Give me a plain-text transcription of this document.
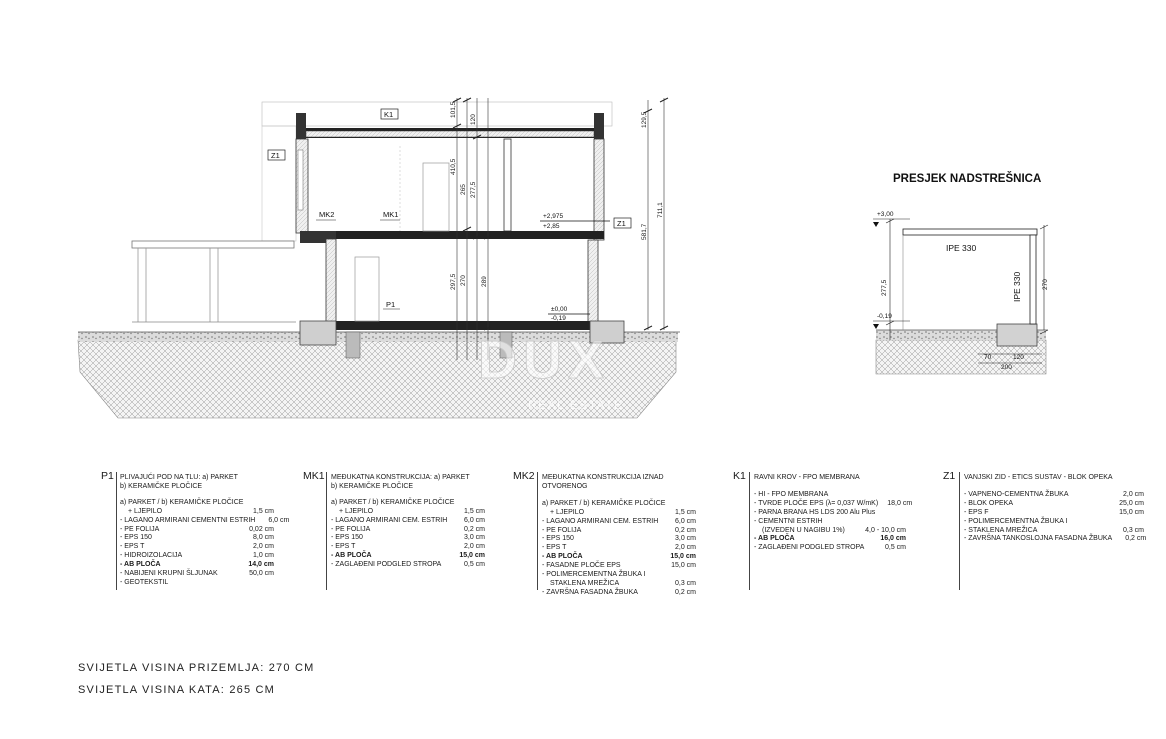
101,5
120
410,5
265 277,5
297,5 270 289
129,5
581,7
711,1
K1
Z1
MK2	MK1
P1
Z1
+2,975
+2,85
±0,00
-0,19
DUX
REAL ESTATE
PRESJEK NADSTREŠNICA
IPE 330
IPE 330
+3,00
-0,19
277,5	270
70	120
200
P1 PLIVAJUĆI POD NA TLU: a) PARKET
b) KERAMIČKE PLOČICE
a) PARKET / b) KERAMIČKE PLOČICE
+ LJEPILO	1,5 cm
- LAGANO ARMIRANI CEMENTNI ESTRIH	6,0 cm
- PE FOLIJA	0,02 cm
- EPS 150	8,0 cm
- EPS T	2,0 cm
- HIDROIZOLACIJA	1,0 cm
- AB PLOČA	14,0 cm
- NABIJENI KRUPNI ŠLJUNAK	50,0 cm
- GEOTEKSTIL
MK1 MEĐUKATNA KONSTRUKCIJA: a) PARKET
b) KERAMIČKE PLOČICE
a) PARKET / b) KERAMIČKE PLOČICE
+ LJEPILO	1,5 cm
- LAGANO ARMIRANI CEM. ESTRIH	6,0 cm
- PE FOLIJA	0,2 cm
- EPS 150	3,0 cm
- EPS T	2,0 cm
- AB PLOČA	15,0 cm
- ZAGLAĐENI PODGLED STROPA	0,5 cm
MK2 MEĐUKATNA KONSTRUKCIJA IZNAD OTVORENOG
a) PARKET / b) KERAMIČKE PLOČICE
+ LJEPILO	1,5 cm
- LAGANO ARMIRANI CEM. ESTRIH	6,0 cm
- PE FOLIJA	0,2 cm
- EPS 150	3,0 cm
- EPS T	2,0 cm
- AB PLOČA	15,0 cm
- FASADNE PLOČE EPS	15,0 cm
- POLIMERCEMENTNA ŽBUKA I
STAKLENA MREŽICA	0,3 cm
- ZAVRŠNA FASADNA ŽBUKA	0,2 cm
K1 RAVNI KROV - FPO MEMBRANA
- HI - FPO MEMBRANA
- TVRDE PLOČE EPS (λ= 0,037 W/mK)	18,0 cm
- PARNA BRANA HS LDS 200 Alu Plus
- CEMENTNI ESTRIH
(IZVEDEN U NAGIBU 1%)	4,0 - 10,0 cm
- AB PLOČA	16,0 cm
- ZAGLAĐENI PODGLED STROPA	0,5 cm
Z1 VANJSKI ZID - ETICS SUSTAV - BLOK OPEKA
- VAPNENO-CEMENTNA ŽBUKA	2,0 cm
- BLOK OPEKA	25,0 cm
- EPS F	15,0 cm
- POLIMERCEMENTNA ŽBUKA I
- STAKLENA MREŽICA	0,3 cm
- ZAVRŠNA TANKOSLOJNA FASADNA ŽBUKA	0,2 cm
SVIJETLA VISINA PRIZEMLJA: 270 CM
SVIJETLA VISINA KATA: 265 CM
